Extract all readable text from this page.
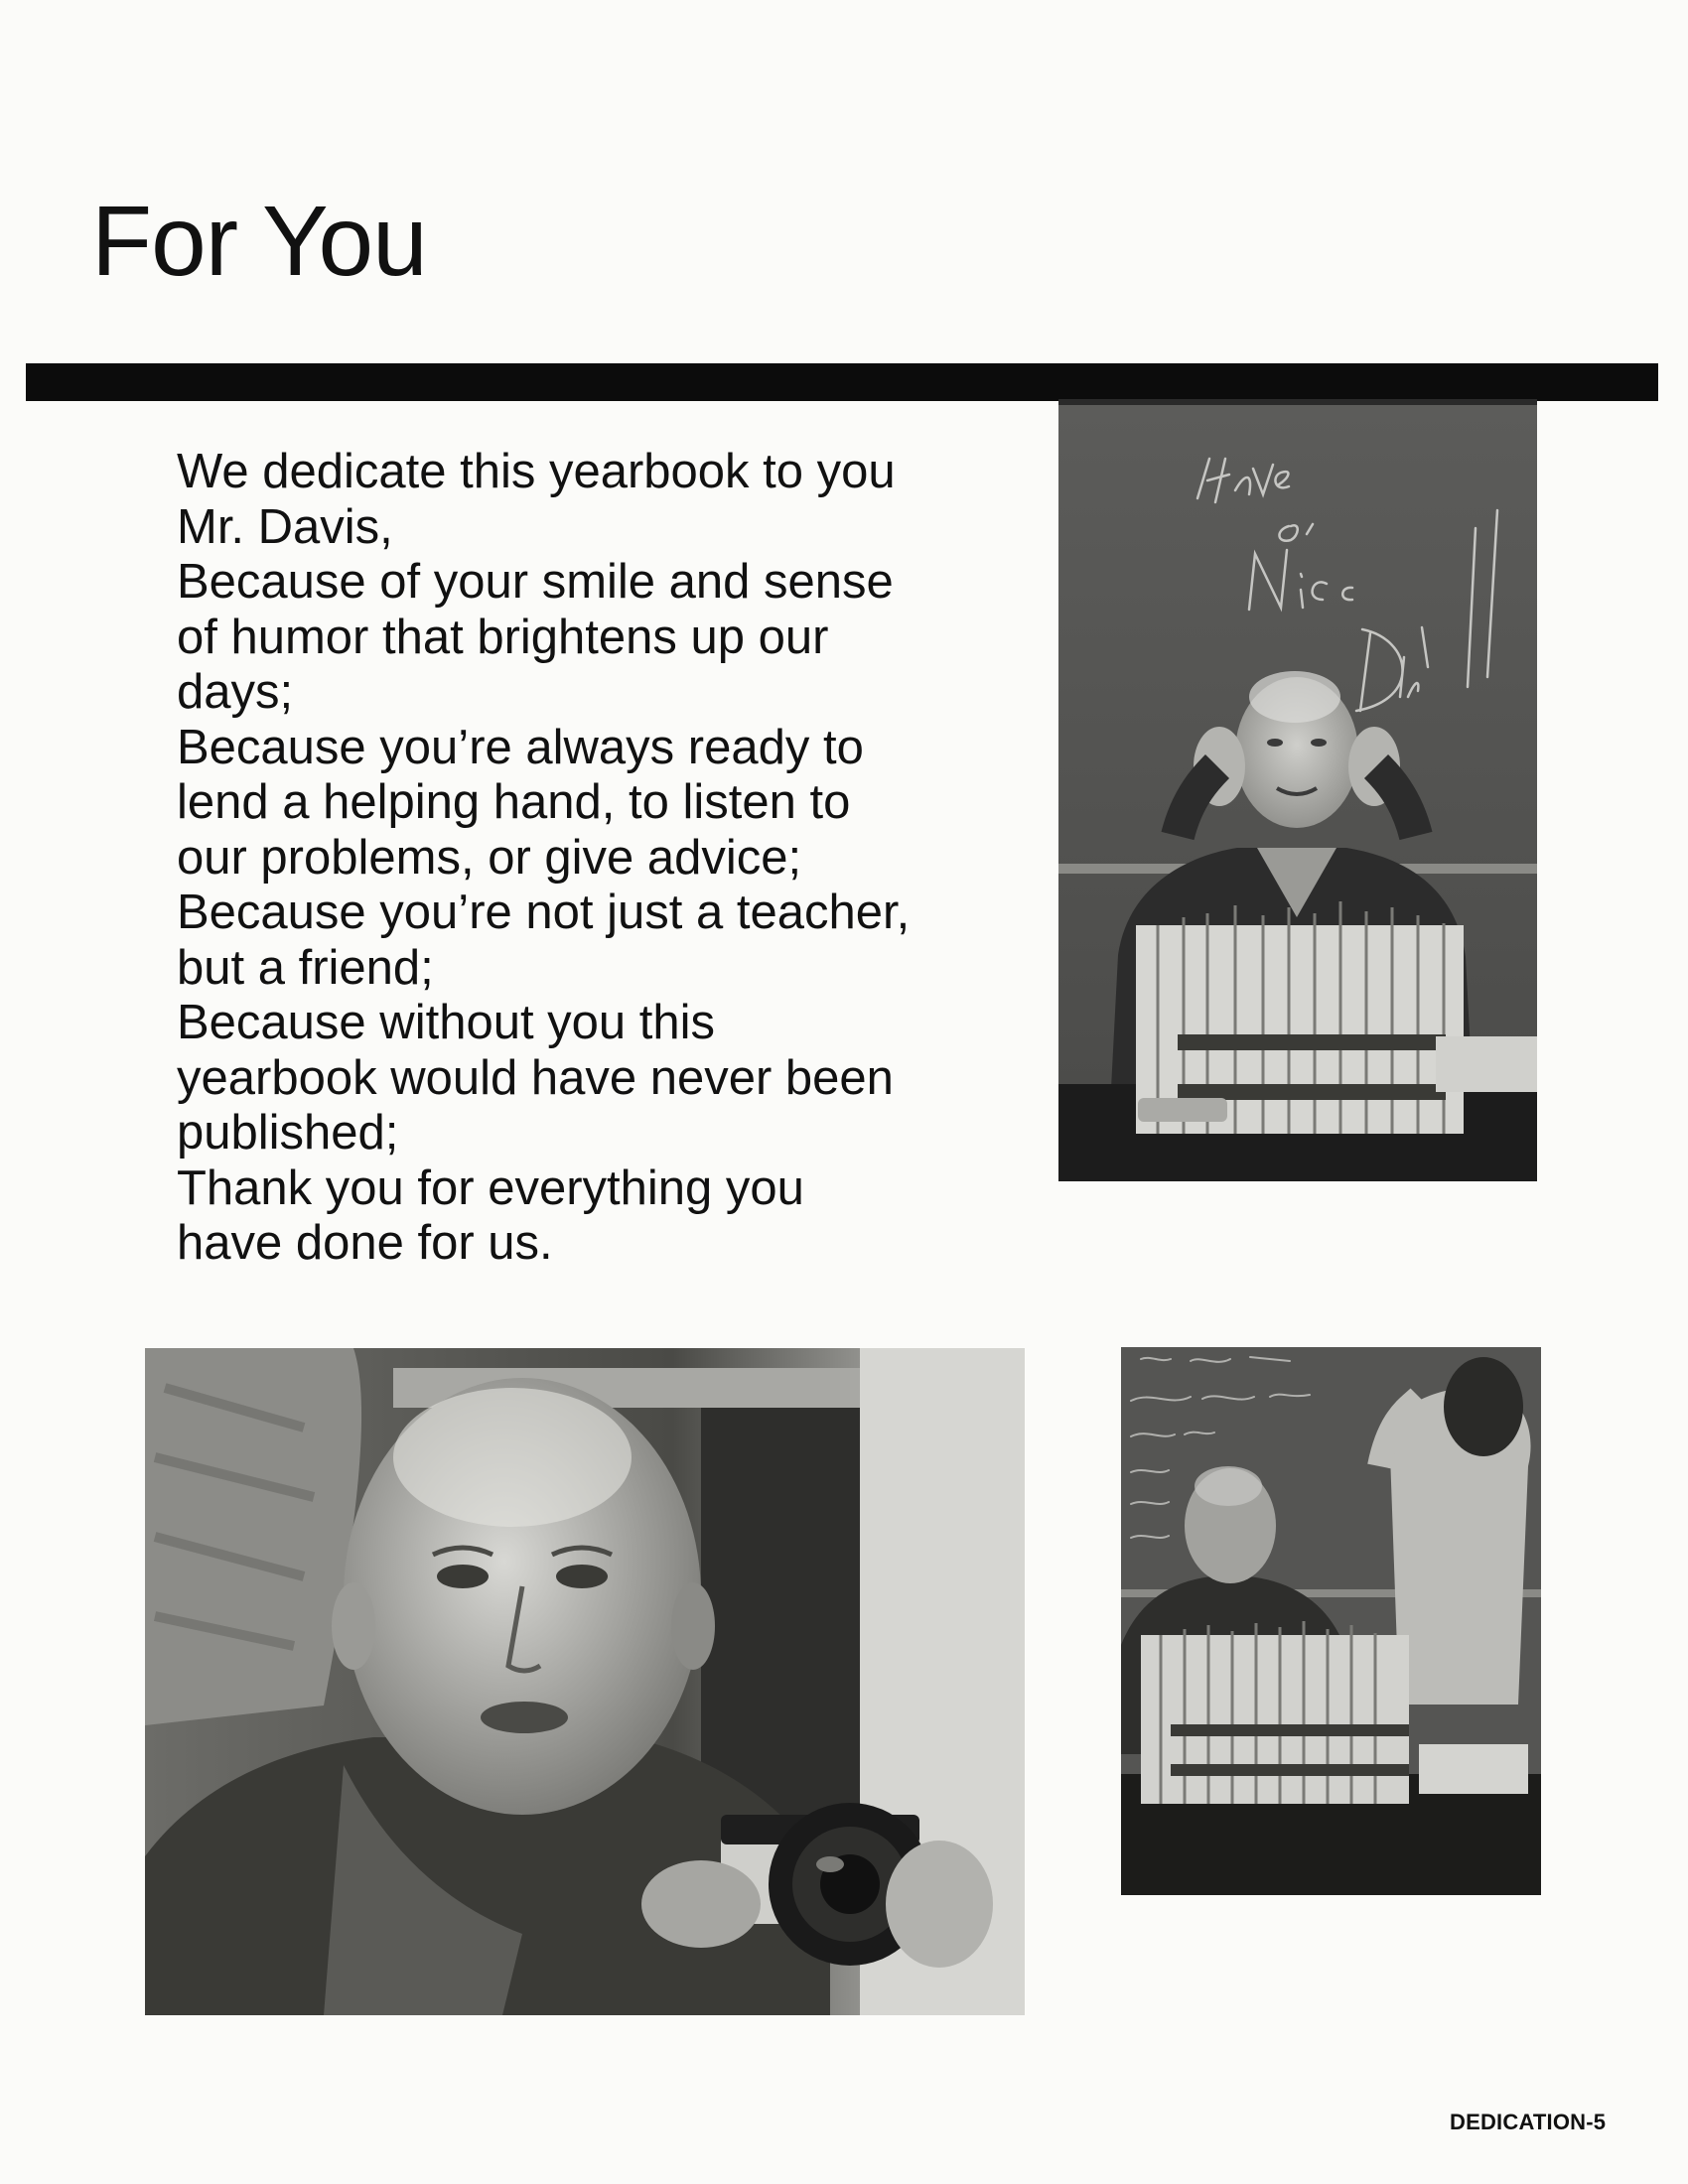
For You
We dedicate this yearbook to you
Mr. Davis,
Because of your smile and sense
of humor that brightens up our
days;
Because you’re always ready to
lend a helping hand, to listen to
our problems, or give advice;
Because you’re not just a teacher,
but a friend;
Because without you this
yearbook would have never been
published;
Thank you for everything you
have done for us.
DEDICATION-5
